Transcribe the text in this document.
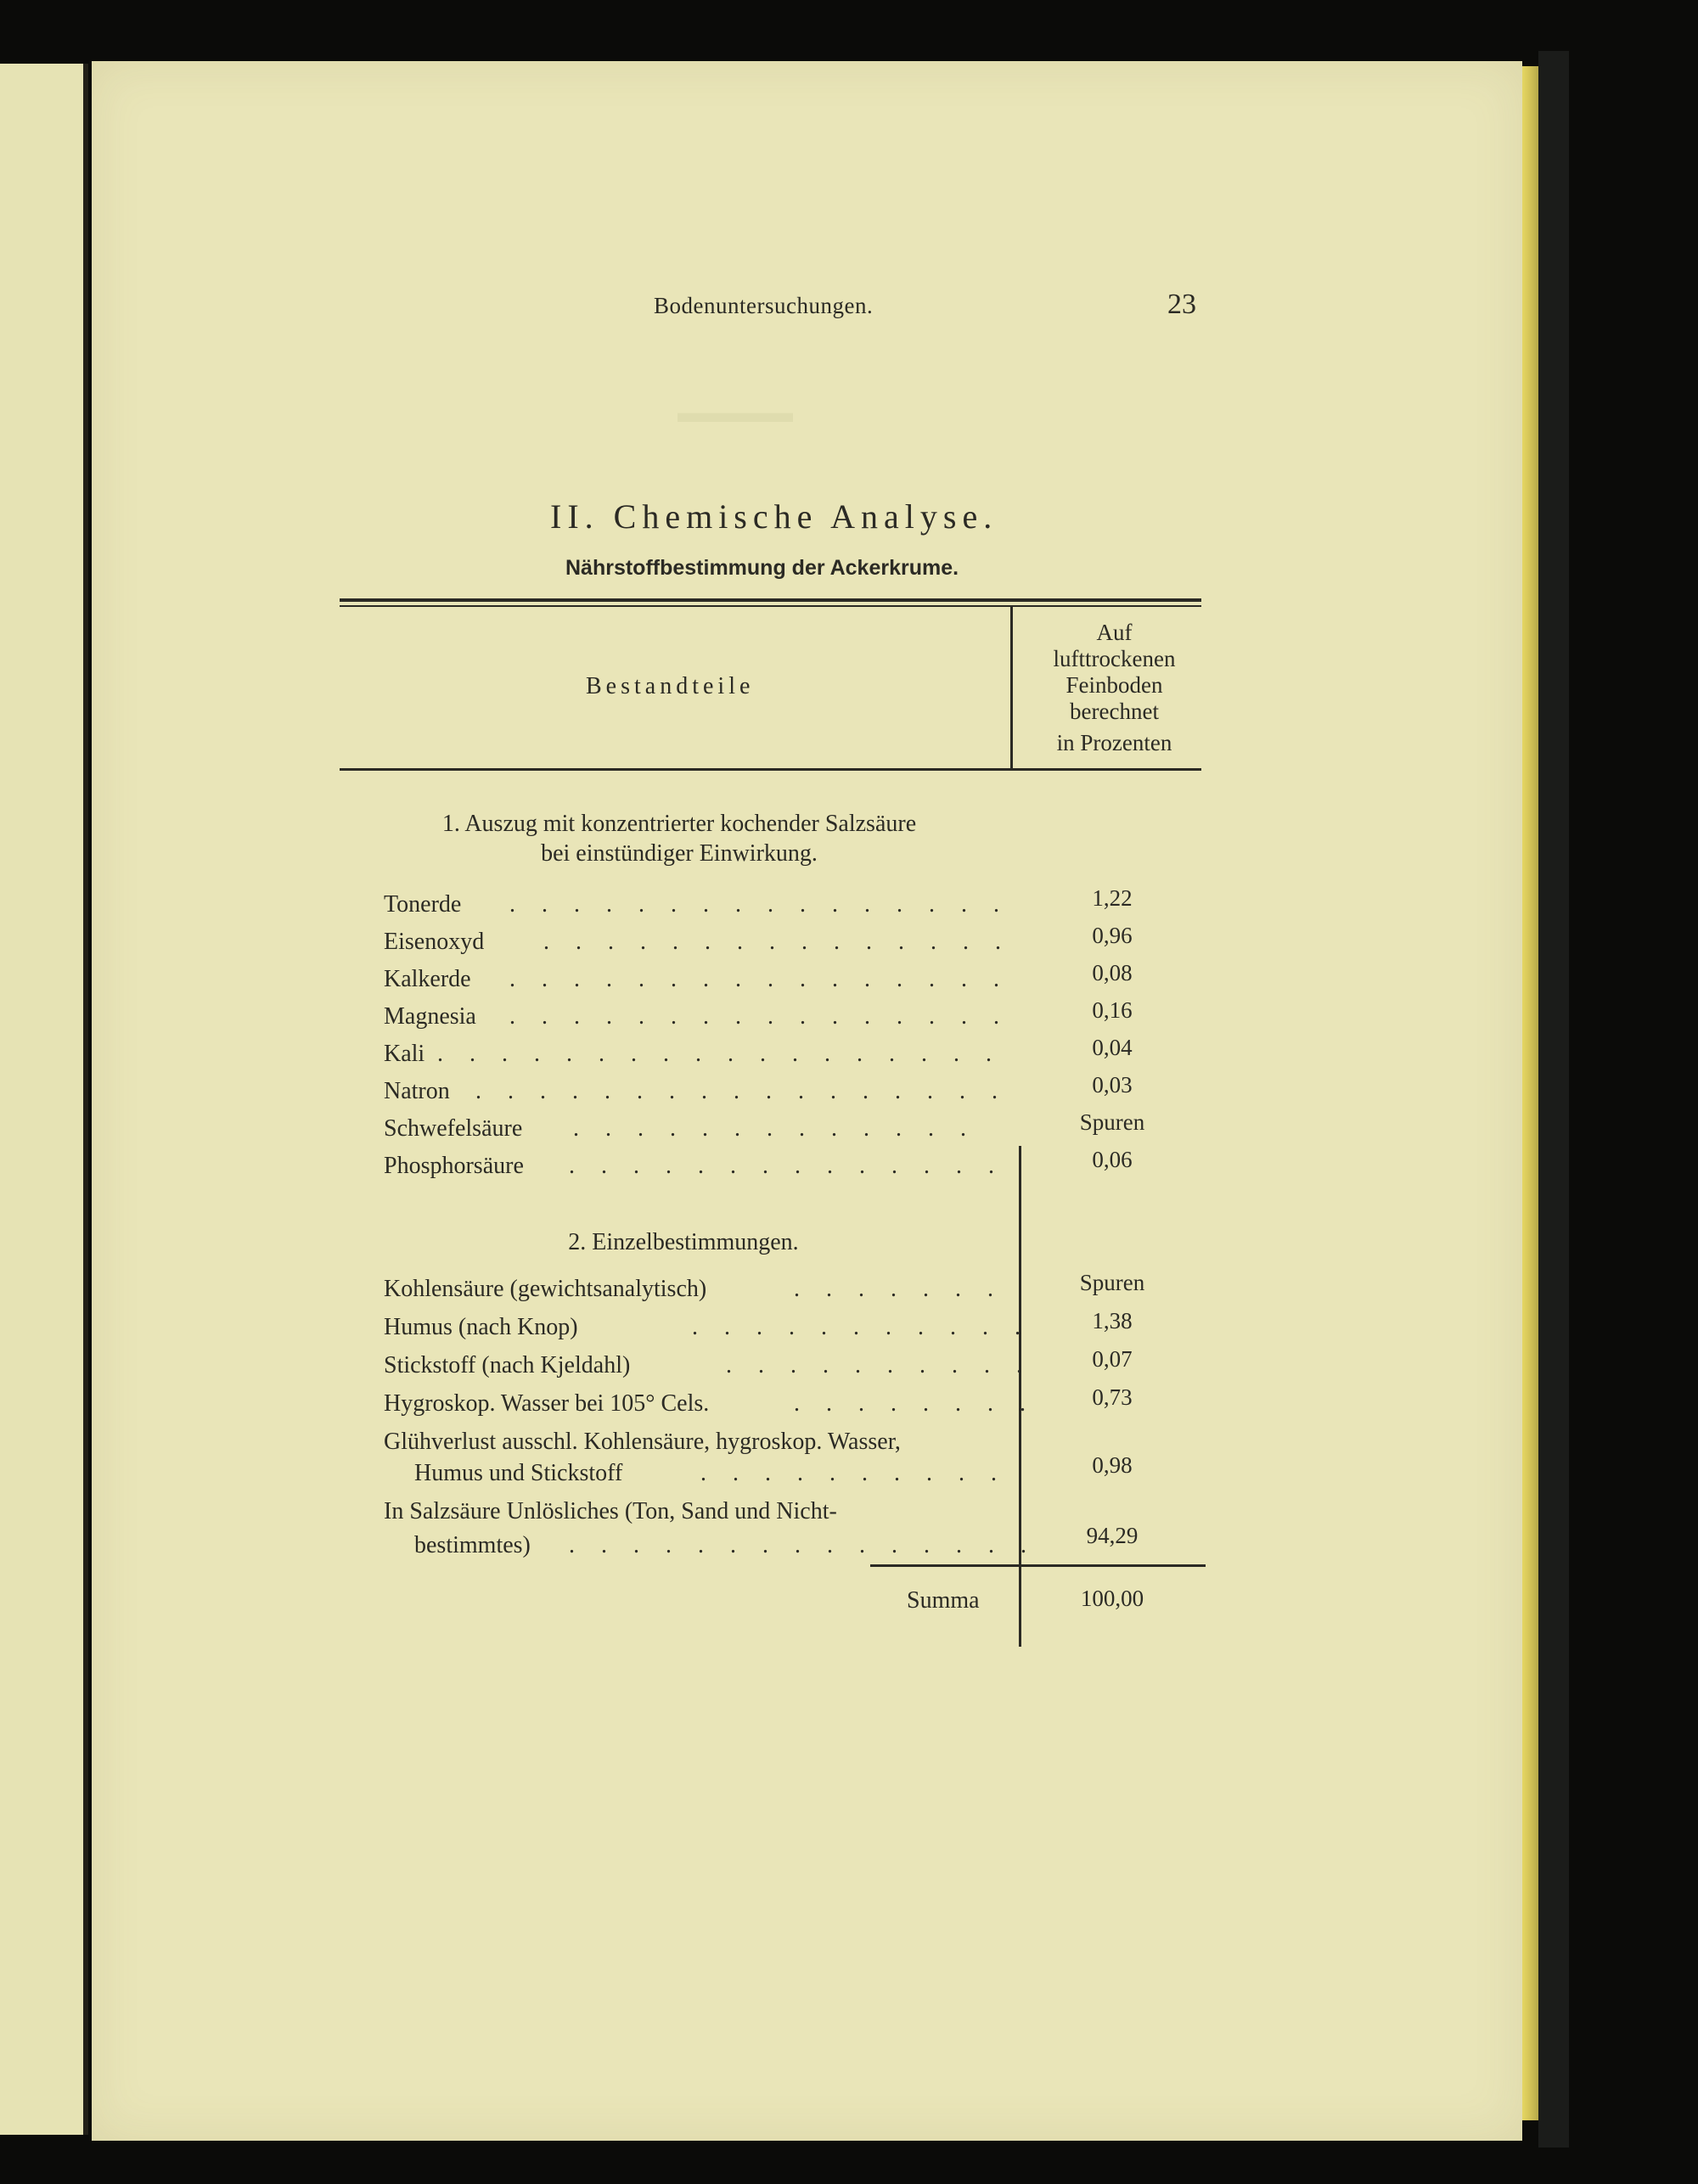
▬▬▬▬
Bodenuntersuchungen.	23
II. Chemische Analyse.
Nährstoffbestimmung der Ackerkrume.
Bestandteile
Auf
lufttrockenen
Feinboden
berechnet
in Prozenten
1. Auszug mit konzentrierter kochender Salzsäure
bei einstündiger Einwirkung.
Tonerde . . . . . . . . . . . . . . . .	1,22
Eisenoxyd . . . . . . . . . . . . . . .	0,96
Kalkerde . . . . . . . . . . . . . . . .	0,08
Magnesia . . . . . . . . . . . . . . . .	0,16
Kali . . . . . . . . . . . . . . . . . .	0,04
Natron . . . . . . . . . . . . . . . . .	0,03
Schwefelsäure . . . . . . . . . . . . .	Spuren
Phosphorsäure . . . . . . . . . . . . . .	0,06
2. Einzelbestimmungen.
Kohlensäure (gewichtsanalytisch)	. . . . . . .	Spuren
Humus (nach Knop)	. . . . . . . . . . .	1,38
Stickstoff (nach Kjeldahl)	. . . . . . . . . .	0,07
Hygroskop. Wasser bei 105° Cels.	. . . . . . . .	0,73
Glühverlust ausschl. Kohlensäure, hygroskop. Wasser,
Humus und Stickstoff	. . . . . . . . . .	0,98
In Salzsäure Unlösliches (Ton, Sand und Nicht-
bestimmtes) . . . . . . . . . . . . . . .	94,29
Summa	100,00
